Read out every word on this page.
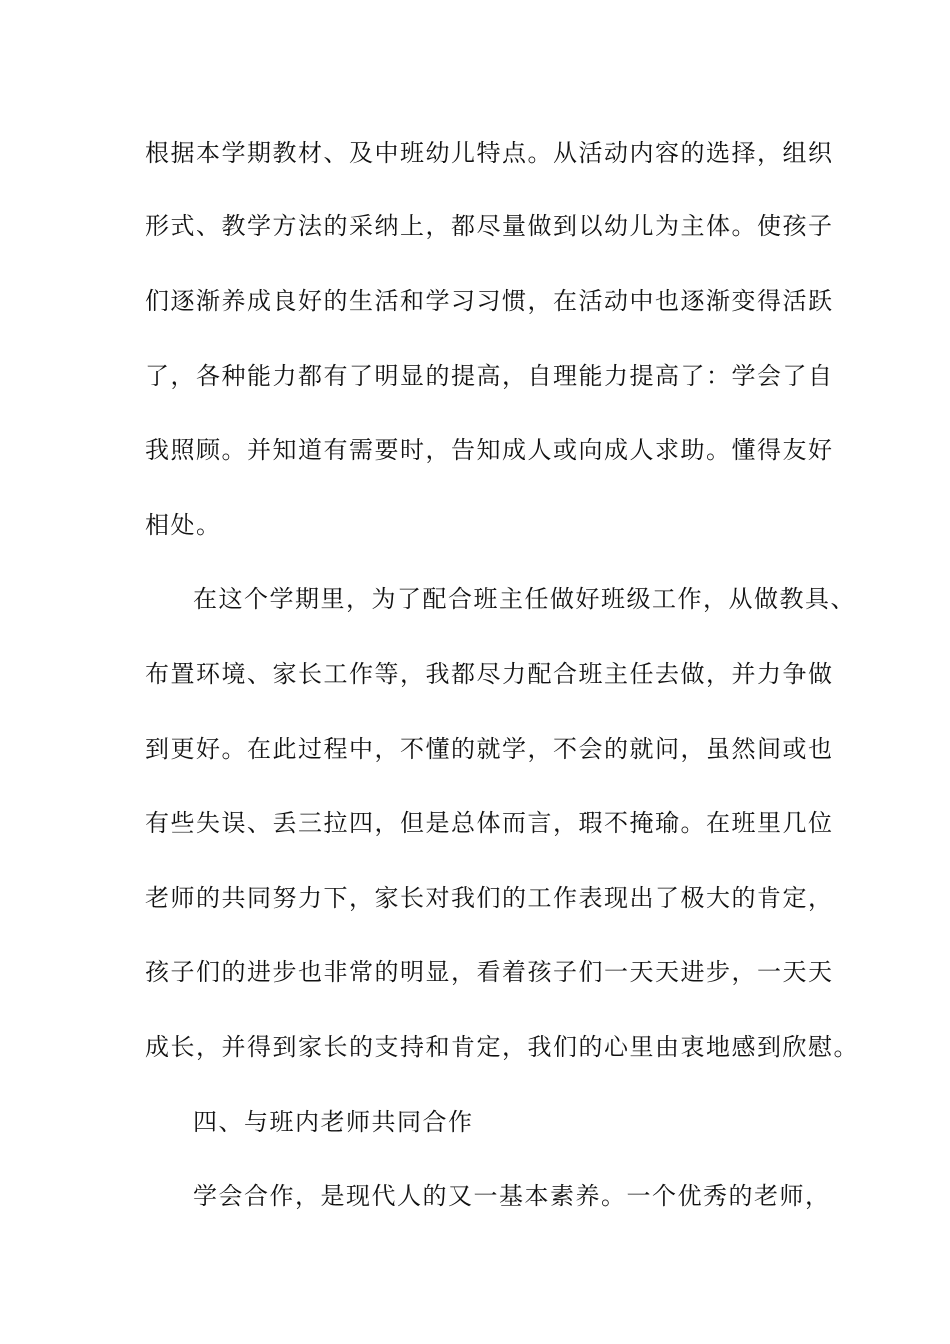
根据本学期教材、及中班幼儿特点。从活动内容的选择，组织
形式、教学方法的采纳上，都尽量做到以幼儿为主体。使孩子
们逐渐养成良好的生活和学习习惯，在活动中也逐渐变得活跃
了，各种能力都有了明显的提高，自理能力提高了：学会了自
我照顾。并知道有需要时，告知成人或向成人求助。懂得友好
相处。
在这个学期里，为了配合班主任做好班级工作，从做教具、
布置环境、家长工作等，我都尽力配合班主任去做，并力争做
到更好。在此过程中，不懂的就学，不会的就问，虽然间或也
有些失误、丢三拉四，但是总体而言，瑕不掩瑜。在班里几位
老师的共同努力下，家长对我们的工作表现出了极大的肯定，
孩子们的进步也非常的明显，看着孩子们一天天进步，一天天
成长，并得到家长的支持和肯定，我们的心里由衷地感到欣慰。
四、与班内老师共同合作
学会合作，是现代人的又一基本素养。一个优秀的老师，
